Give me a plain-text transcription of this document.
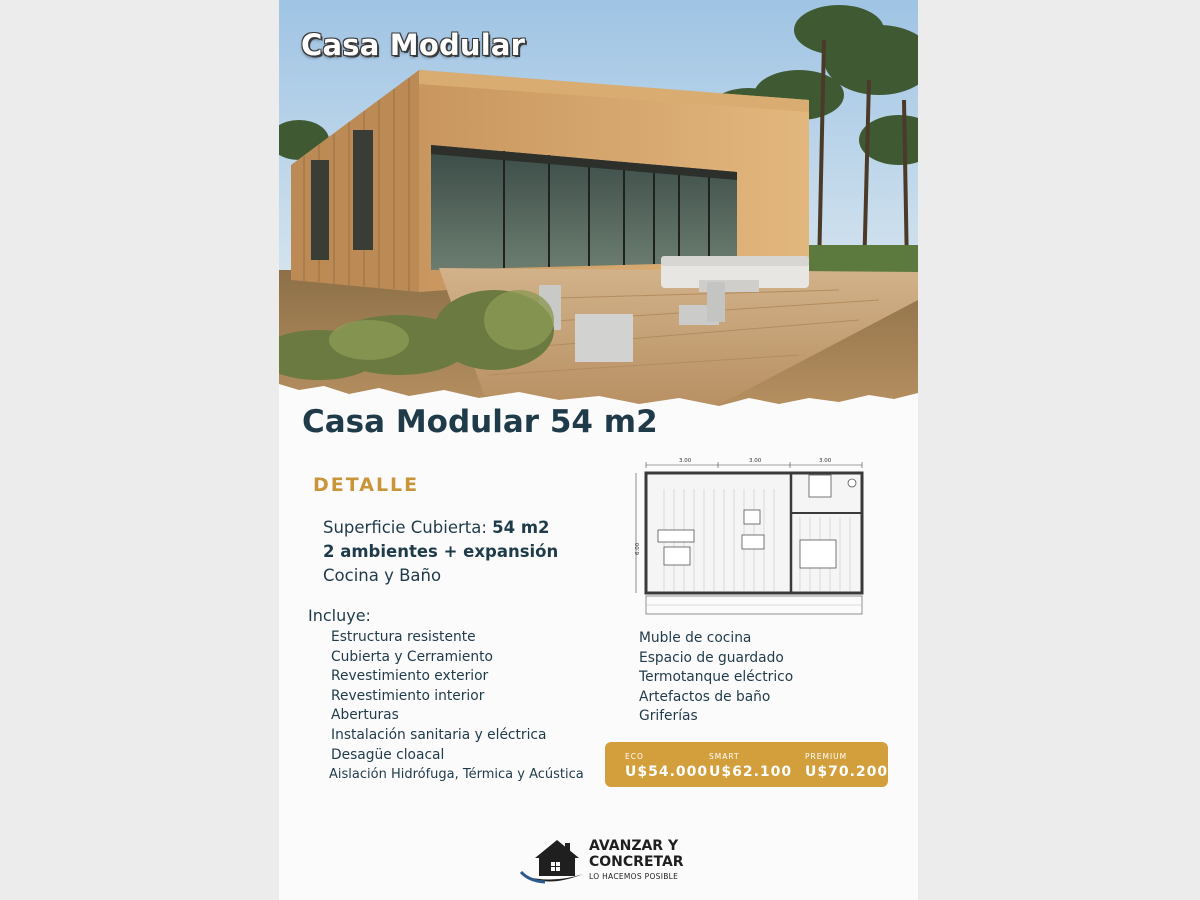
Casa Modular
Casa Modular 54 m2
DETALLE
Superficie Cubierta: 54 m2
2 ambientes + expansión
Cocina y Baño
3.00	3.00	3.00
6.00
Incluye:
Estructura resistente
Cubierta y Cerramiento
Revestimiento exterior
Revestimiento interior
Aberturas
Instalación sanitaria y eléctrica
Desagüe cloacal
Aislación Hidrófuga, Térmica y Acústica
Muble de cocina
Espacio de guardado
Termotanque eléctrico
Artefactos de baño
Griferías
ECO
U$54.000
SMART
U$62.100
PREMIUM
U$70.200
AVANZAR Y
CONCRETAR
LO HACEMOS POSIBLE
